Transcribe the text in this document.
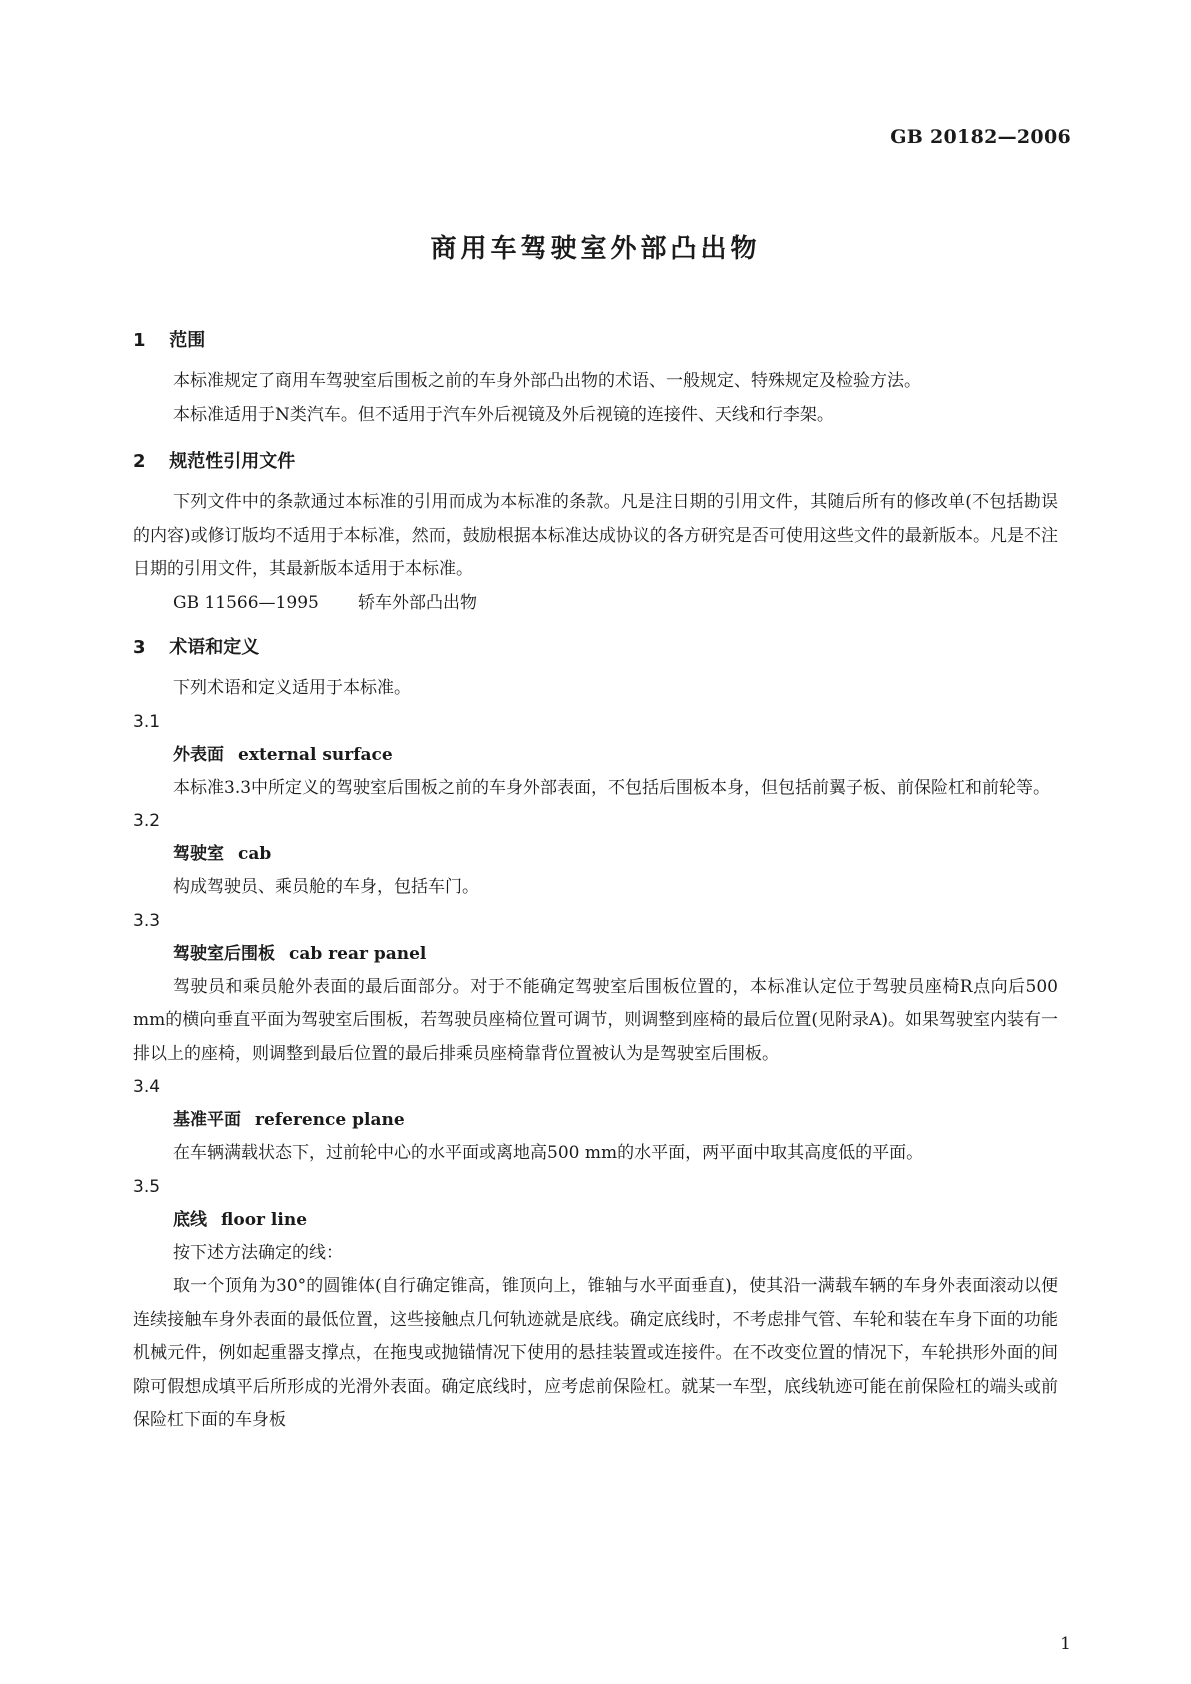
GB 20182—2006
商用车驾驶室外部凸出物
1 范围

本标准规定了商用车驾驶室后围板之前的车身外部凸出物的术语、一般规定、特殊规定及检验方法。

本标准适用于N类汽车。但不适用于汽车外后视镜及外后视镜的连接件、天线和行李架。

2 规范性引用文件

下列文件中的条款通过本标准的引用而成为本标准的条款。凡是注日期的引用文件，其随后所有的修改单(不包括勘误的内容)或修订版均不适用于本标准，然而，鼓励根据本标准达成协议的各方研究是否可使用这些文件的最新版本。凡是不注日期的引用文件，其最新版本适用于本标准。

GB 11566—1995 轿车外部凸出物

3 术语和定义

下列术语和定义适用于本标准。

3.1

外表面 external surface

本标准3.3中所定义的驾驶室后围板之前的车身外部表面，不包括后围板本身，但包括前翼子板、前保险杠和前轮等。

3.2

驾驶室 cab

构成驾驶员、乘员舱的车身，包括车门。

3.3

驾驶室后围板 cab rear panel

驾驶员和乘员舱外表面的最后面部分。对于不能确定驾驶室后围板位置的，本标准认定位于驾驶员座椅R点向后500 mm的横向垂直平面为驾驶室后围板，若驾驶员座椅位置可调节，则调整到座椅的最后位置(见附录A)。如果驾驶室内装有一排以上的座椅，则调整到最后位置的最后排乘员座椅靠背位置被认为是驾驶室后围板。

3.4

基准平面 reference plane

在车辆满载状态下，过前轮中心的水平面或离地高500 mm的水平面，两平面中取其高度低的平面。

3.5

底线 floor line

按下述方法确定的线：

取一个顶角为30°的圆锥体(自行确定锥高，锥顶向上，锥轴与水平面垂直)，使其沿一满载车辆的车身外表面滚动以便连续接触车身外表面的最低位置，这些接触点几何轨迹就是底线。确定底线时，不考虑排气管、车轮和装在车身下面的功能机械元件，例如起重器支撑点，在拖曳或抛锚情况下使用的悬挂装置或连接件。在不改变位置的情况下，车轮拱形外面的间隙可假想成填平后所形成的光滑外表面。确定底线时，应考虑前保险杠。就某一车型，底线轨迹可能在前保险杠的端头或前保险杠下面的车身板

1
